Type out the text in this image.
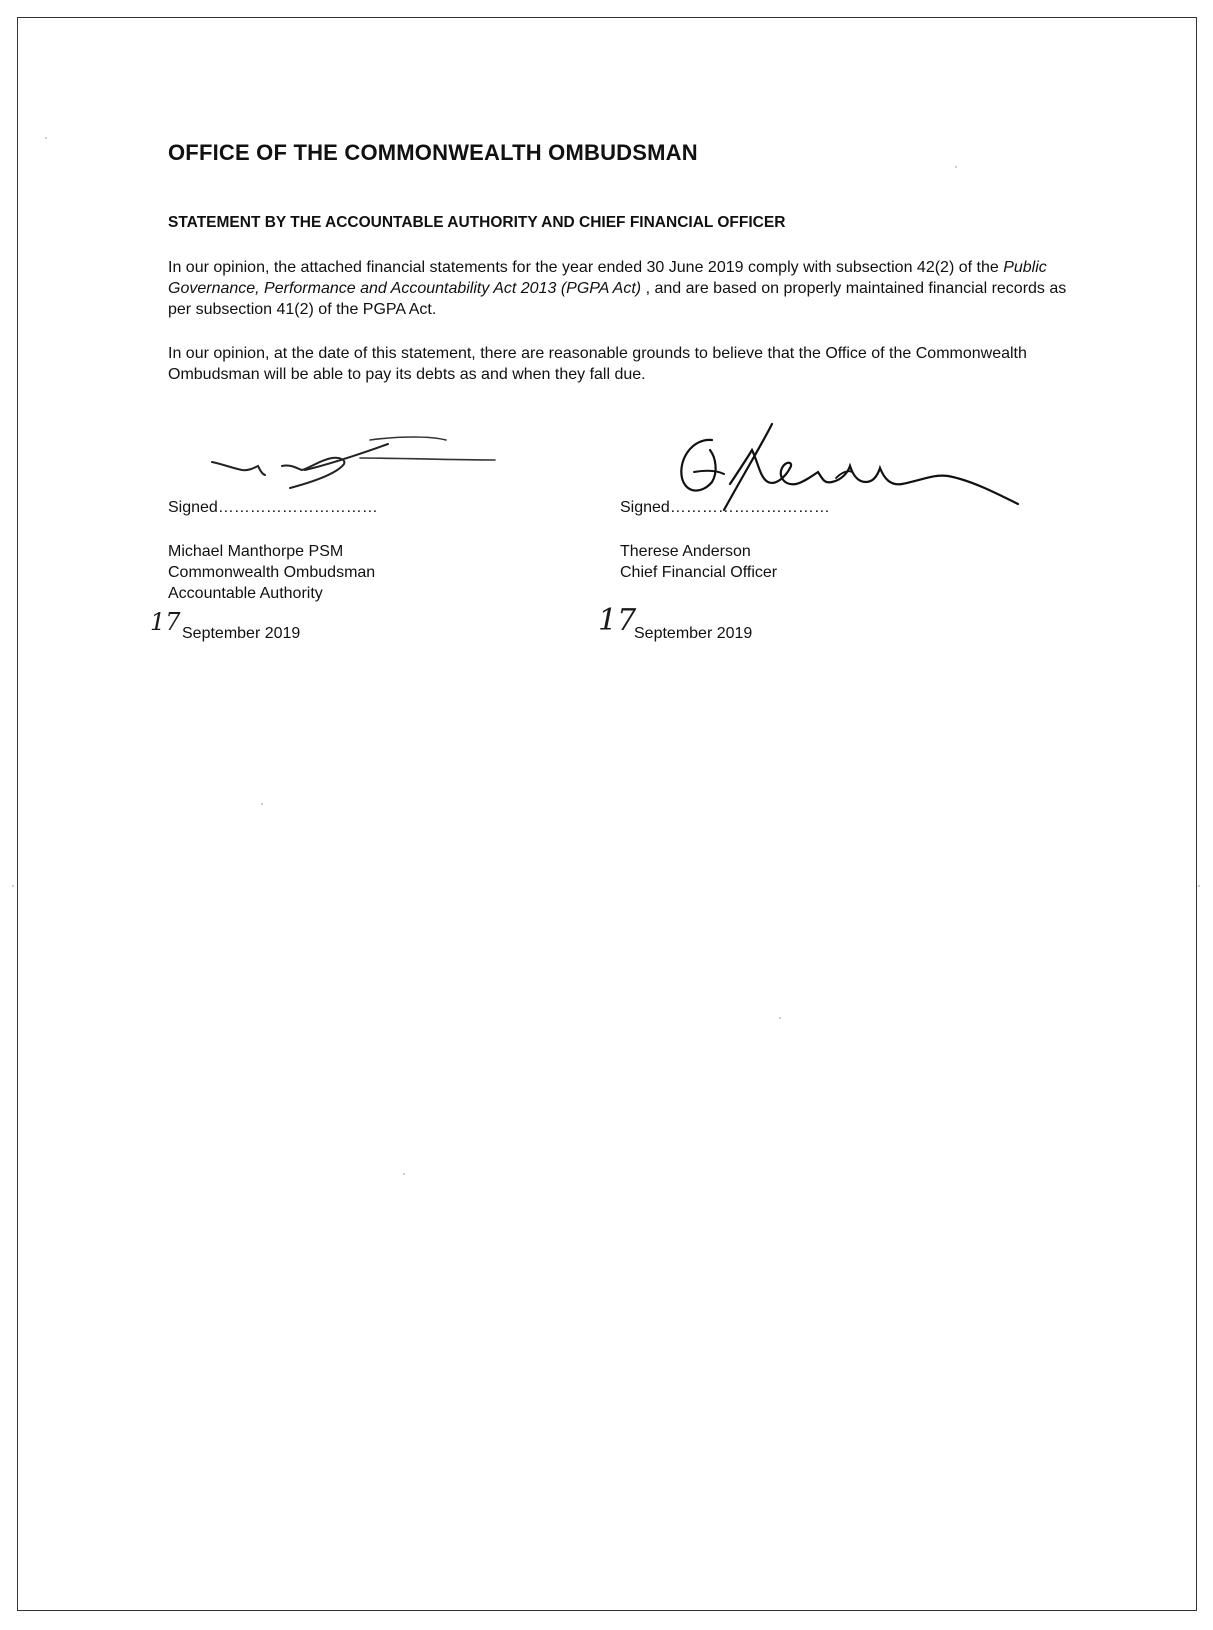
OFFICE OF THE COMMONWEALTH OMBUDSMAN
STATEMENT BY THE ACCOUNTABLE AUTHORITY AND CHIEF FINANCIAL OFFICER

In our opinion, the attached financial statements for the year ended 30 June 2019 comply with subsection 42(2) of the Public Governance, Performance and Accountability Act 2013 (PGPA Act) , and are based on properly maintained financial records as per subsection 41(2) of the PGPA Act.

In our opinion, at the date of this statement, there are reasonable grounds to believe that the Office of the Commonwealth Ombudsman will be able to pay its debts as and when they fall due.

Signed…………………………
Michael Manthorpe PSM
Commonwealth Ombudsman
Accountable Authority
17 September 2019
Signed…………………………
Therese Anderson
Chief Financial Officer
17
September 2019
